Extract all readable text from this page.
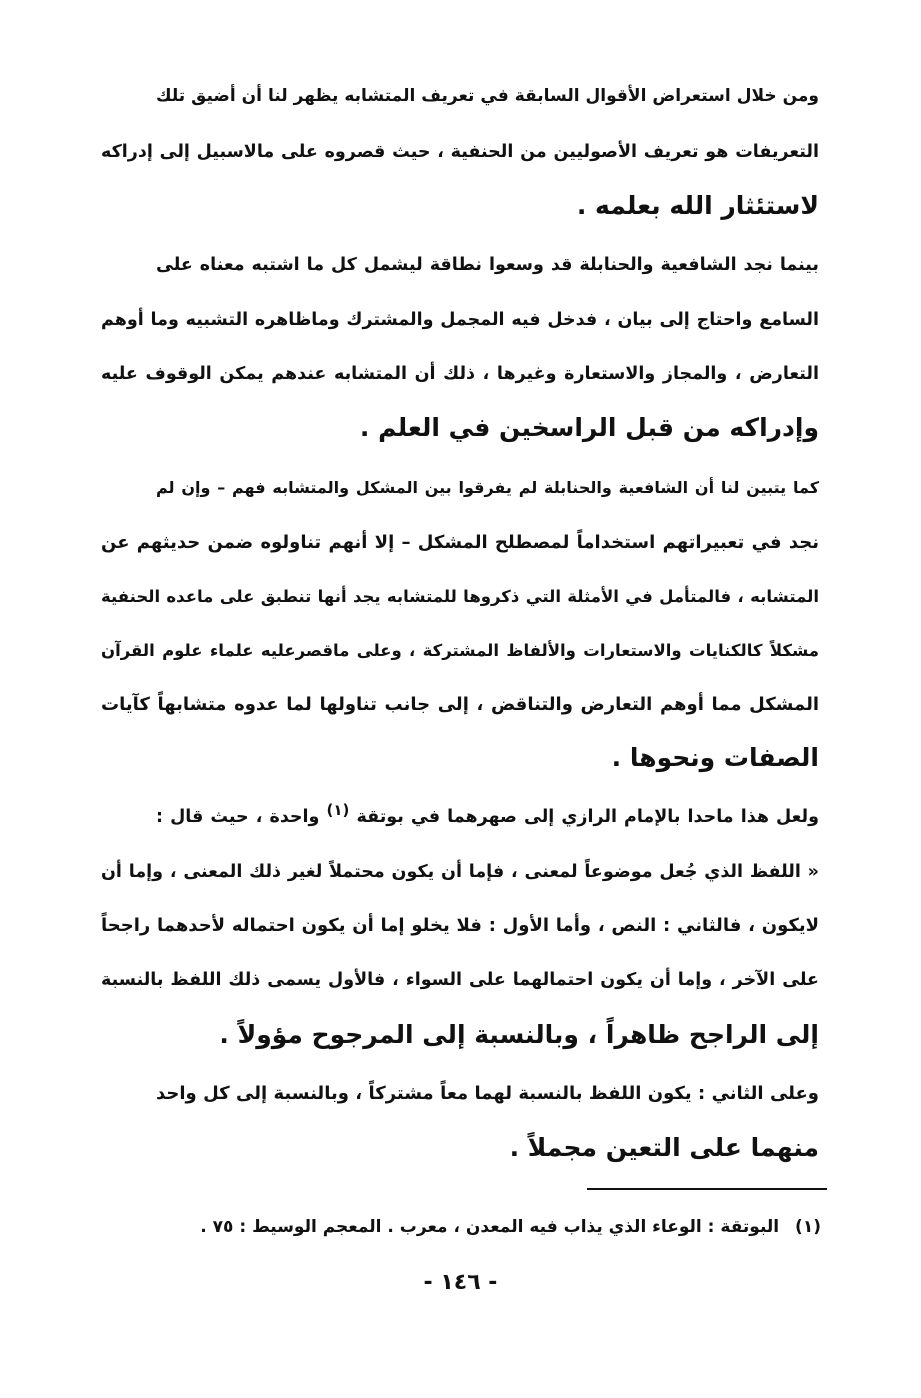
ومن خلال استعراض الأقوال السابقة في تعريف المتشابه يظهر لنا أن أضيق تلك
التعريفات هو تعريف الأصوليين من الحنفية ، حيث قصروه على مالاسبيل إلى إدراكه
لاستئثار الله بعلمه .
بينما نجد الشافعية والحنابلة قد وسعوا نطاقة ليشمل كل ما اشتبه معناه على
السامع واحتاج إلى بيان ، فدخل فيه المجمل والمشترك وماظاهره التشبيه وما أوهم
التعارض ، والمجاز والاستعارة وغيرها ، ذلك أن المتشابه عندهم يمكن الوقوف عليه
وإدراكه من قبل الراسخين في العلم .
كما يتبين لنا أن الشافعية والحنابلة لم يفرقوا بين المشكل والمتشابه فهم – وإن لم
نجد في تعبيراتهم استخداماً لمصطلح المشكل – إلا أنهم تناولوه ضمن حديثهم عن
المتشابه ، فالمتأمل في الأمثلة التي ذكروها للمتشابه يجد أنها تنطبق على ماعده الحنفية
مشكلاً كالكنايات والاستعارات والألفاظ المشتركة ، وعلى ماقصرعليه علماء علوم القرآن
المشكل مما أوهم التعارض والتناقض ، إلى جانب تناولها لما عدوه متشابهاً كآيات
الصفات ونحوها .
ولعل هذا ماحدا بالإمام الرازي إلى صهرهما في بوتقة $^{(١)}$ واحدة ، حيث قال :
« اللفظ الذي جُعل موضوعاً لمعنى ، فإما أن يكون محتملاً لغير ذلك المعنى ، وإما أن
لايكون ، فالثاني : النص ، وأما الأول : فلا يخلو إما أن يكون احتماله لأحدهما راجحاً
على الآخر ، وإما أن يكون احتمالهما على السواء ، فالأول يسمى ذلك اللفظ بالنسبة
إلى الراجح ظاهراً ، وبالنسبة إلى المرجوح مؤولاً .
وعلى الثاني : يكون اللفظ بالنسبة لهما معاً مشتركاً ، وبالنسبة إلى كل واحد
منهما على التعين مجملاً .
(١) البوتقة : الوعاء الذي يذاب فيه المعدن ، معرب . المعجم الوسيط : ٧٥ .
- ١٤٦ -
